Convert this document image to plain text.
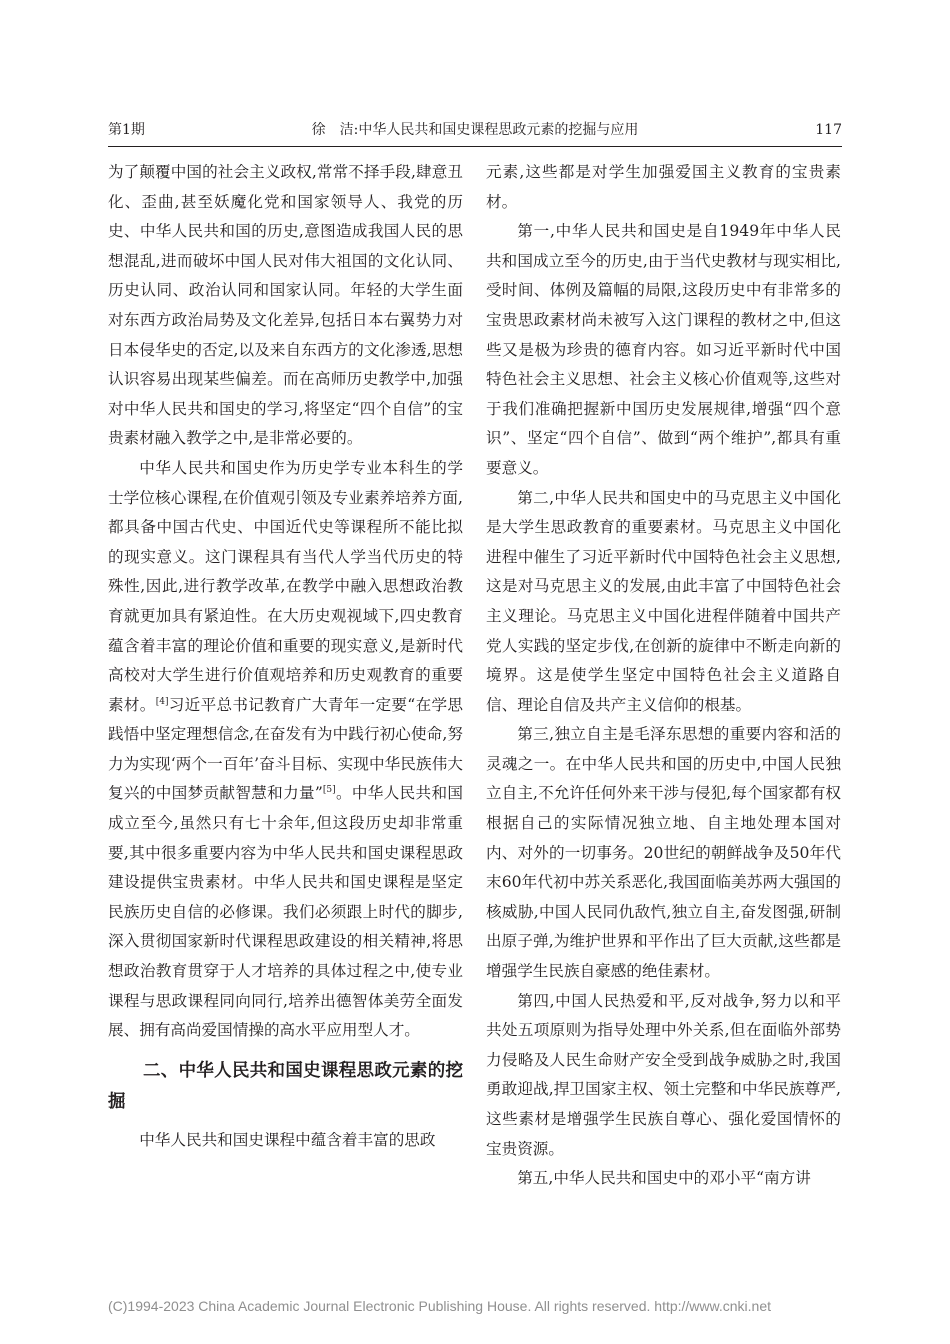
第1期	徐　洁:中华人民共和国史课程思政元素的挖掘与应用	117

为了颠覆中国的社会主义政权,常常不择手段,肆意丑化、歪曲,甚至妖魔化党和国家领导人、我党的历史、中华人民共和国的历史,意图造成我国人民的思想混乱,进而破坏中国人民对伟大祖国的文化认同、历史认同、政治认同和国家认同。年轻的大学生面对东西方政治局势及文化差异,包括日本右翼势力对日本侵华史的否定,以及来自东西方的文化渗透,思想认识容易出现某些偏差。而在高师历史教学中,加强对中华人民共和国史的学习,将坚定“四个自信”的宝贵素材融入教学之中,是非常必要的。

中华人民共和国史作为历史学专业本科生的学士学位核心课程,在价值观引领及专业素养培养方面,都具备中国古代史、中国近代史等课程所不能比拟的现实意义。这门课程具有当代人学当代历史的特殊性,因此,进行教学改革,在教学中融入思想政治教育就更加具有紧迫性。在大历史观视域下,四史教育蕴含着丰富的理论价值和重要的现实意义,是新时代高校对大学生进行价值观培养和历史观教育的重要素材。[4]习近平总书记教育广大青年一定要“在学思践悟中坚定理想信念,在奋发有为中践行初心使命,努力为实现‘两个一百年’奋斗目标、实现中华民族伟大复兴的中国梦贡献智慧和力量”[5]。中华人民共和国成立至今,虽然只有七十余年,但这段历史却非常重要,其中很多重要内容为中华人民共和国史课程思政建设提供宝贵素材。中华人民共和国史课程是坚定民族历史自信的必修课。我们必须跟上时代的脚步,深入贯彻国家新时代课程思政建设的相关精神,将思想政治教育贯穿于人才培养的具体过程之中,使专业课程与思政课程同向同行,培养出德智体美劳全面发展、拥有高尚爱国情操的高水平应用型人才。

二、中华人民共和国史课程思政元素的挖掘

中华人民共和国史课程中蕴含着丰富的思政

元素,这些都是对学生加强爱国主义教育的宝贵素材。

第一,中华人民共和国史是自1949年中华人民共和国成立至今的历史,由于当代史教材与现实相比,受时间、体例及篇幅的局限,这段历史中有非常多的宝贵思政素材尚未被写入这门课程的教材之中,但这些又是极为珍贵的德育内容。如习近平新时代中国特色社会主义思想、社会主义核心价值观等,这些对于我们准确把握新中国历史发展规律,增强“四个意识”、坚定“四个自信”、做到“两个维护”,都具有重要意义。

第二,中华人民共和国史中的马克思主义中国化是大学生思政教育的重要素材。马克思主义中国化进程中催生了习近平新时代中国特色社会主义思想,这是对马克思主义的发展,由此丰富了中国特色社会主义理论。马克思主义中国化进程伴随着中国共产党人实践的坚定步伐,在创新的旋律中不断走向新的境界。这是使学生坚定中国特色社会主义道路自信、理论自信及共产主义信仰的根基。

第三,独立自主是毛泽东思想的重要内容和活的灵魂之一。在中华人民共和国的历史中,中国人民独立自主,不允许任何外来干涉与侵犯,每个国家都有权根据自己的实际情况独立地、自主地处理本国对内、对外的一切事务。20世纪的朝鲜战争及50年代末60年代初中苏关系恶化,我国面临美苏两大强国的核威胁,中国人民同仇敌忾,独立自主,奋发图强,研制出原子弹,为维护世界和平作出了巨大贡献,这些都是增强学生民族自豪感的绝佳素材。

第四,中国人民热爱和平,反对战争,努力以和平共处五项原则为指导处理中外关系,但在面临外部势力侵略及人民生命财产安全受到战争威胁之时,我国勇敢迎战,捍卫国家主权、领土完整和中华民族尊严,这些素材是增强学生民族自尊心、强化爱国情怀的宝贵资源。

第五,中华人民共和国史中的邓小平“南方讲

(C)1994-2023 China Academic Journal Electronic Publishing House. All rights reserved. http://www.cnki.net
